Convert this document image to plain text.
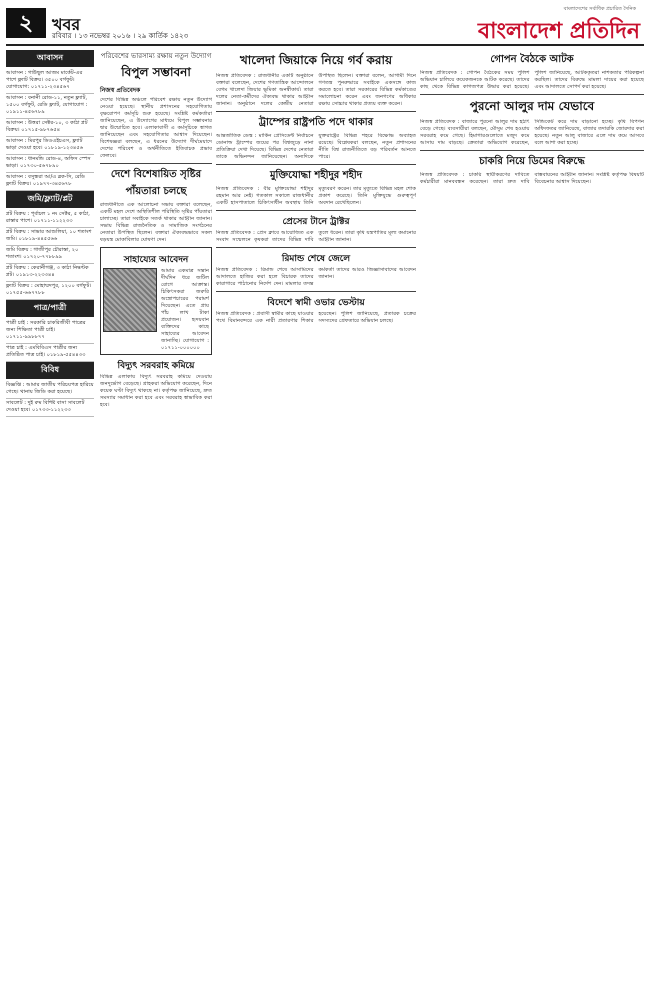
২	খবর
রবিবার । ১৩ নভেম্বর ২০১৬ । ২৯ কার্তিক ১৪২৩
বাংলাদেশের সর্বাধিক প্রচারিত দৈনিক
বাংলাদেশ প্রতিদিন
আবাসন
আবাসন : গাউছুল আজম মার্কেট-এর পাশে ফ্ল্যাট বিক্রয়। ৩৫০০ বর্গফুট। যোগাযোগ: ০১৭১১-২৩৪৫৬৭
আবাসন : বনানী রোড-১১, নতুন ফ্ল্যাট, ১৫০০ বর্গফুট, রেডি ফ্ল্যাট, যোগাযোগ : ০১৯১১-৪৫৬৭৮৯
আবাসন : উত্তরা সেক্টর-১০, ৩ কাঠা প্লট বিক্রয়। ০১৭১৫-৯৮৭৬৫৪
আবাসন : মিরপুর ডিওএইচএস, ফ্ল্যাট ভাড়া দেওয়া হবে। ০১৮১৯-১২৩৪৫৬
আবাসন : ধানমন্ডি রোড-৪, অফিস স্পেস ভাড়া। ০১৭৩০-৫৬৭৮৯০
আবাসন : বসুন্ধরা আ/এ ব্লক-সি, রেডি ফ্ল্যাট বিক্রয়। ০১৯৭৭-৩৪৫৬৭৮
জমি/ফ্ল্যাট/প্লট
প্লট বিক্রয় : পূর্বাচল ১ নং সেক্টর, ৫ কাঠা, রাস্তার পাশে। ০১৭১১-১১২২৩৩
প্লট বিক্রয় : সাভার আশুলিয়া, ১০ শতাংশ জমি। ০১৮১৯-৪৪৫৫৬৬
জমি বিক্রয় : গাজীপুর চৌরাস্তা, ২০ শতাংশ। ০১৭২০-৭৭৮৮৯৯
প্লট বিক্রয় : কেরানীগঞ্জ, ৩ কাঠা নিষ্কণ্টক প্লট। ০১৯১৩-২২৩৩৪৪
ফ্ল্যাট বিক্রয় : মোহাম্মদপুর, ১২০০ বর্গফুট। ০১৭৫৫-৬৬৭৭৮৮
পাত্র/পাত্রী
পাত্রী চাই : সরকারি চাকরিজীবী পাত্রের জন্য শিক্ষিতা পাত্রী চাই। ০১৭১১-৯৯৮৮৭৭
পাত্র চাই : এমবিবিএস পাত্রীর জন্য প্রতিষ্ঠিত পাত্র চাই। ০১৮১৯-৫৫৪৪৩৩
বিবিধ
বিজ্ঞপ্তি : আমার জাতীয় পরিচয়পত্র হারিয়ে গেছে। থানায় জিডি করা হয়েছে।
সাবলেট : দুই রুম বিশিষ্ট বাসা সাবলেট দেওয়া হবে। ০১৭৩৩-১১২২৩৩
পরিবেশের ভারসাম্য রক্ষায় নতুন উদ্যোগ
বিপুল সম্ভাবনা
নিজস্ব প্রতিবেদক

দেশের বিভিন্ন অঞ্চলে পরিবেশ রক্ষায় নতুন উদ্যোগ নেওয়া হয়েছে। স্থানীয় প্রশাসনের সহযোগিতায় বৃক্ষরোপণ কর্মসূচি শুরু হয়েছে। সংশ্লিষ্ট কর্মকর্তারা জানিয়েছেন, এ উদ্যোগের মাধ্যমে বিপুল সম্ভাবনার দ্বার উন্মোচিত হবে। এলাকাবাসী এ কর্মসূচিকে স্বাগত জানিয়েছেন এবং সহযোগিতার আশ্বাস দিয়েছেন। বিশেষজ্ঞরা বলছেন, এ ধরনের উদ্যোগ দীর্ঘমেয়াদে দেশের পরিবেশ ও অর্থনীতিতে ইতিবাচক প্রভাব ফেলবে।

দেশে বিশেষায়িত সৃষ্টির পাঁয়তারা চলছে

রাজধানীতে এক আলোচনা সভায় বক্তারা বলেছেন, একটি মহল দেশে অস্থিতিশীল পরিস্থিতি সৃষ্টির পাঁয়তারা চালাচ্ছে। তারা সবাইকে সতর্ক থাকার আহ্বান জানান। সভায় বিভিন্ন রাজনৈতিক ও সামাজিক সংগঠনের নেতারা উপস্থিত ছিলেন। বক্তারা ঐক্যবদ্ধভাবে সকল ষড়যন্ত্র মোকাবিলার ঘোষণা দেন।

সাহায্যের আবেদন

আমার একমাত্র সন্তান দীর্ঘদিন ধরে জটিল রোগে আক্রান্ত। চিকিৎসকরা জরুরি অস্ত্রোপচারের পরামর্শ দিয়েছেন। এতে প্রায় পাঁচ লাখ টাকা প্রয়োজন। হৃদয়বান ব্যক্তিদের কাছে সাহায্যের আবেদন জানাচ্ছি। যোগাযোগ : ০১৭১১-০০০০০০

বিদ্যুৎ সরবরাহ কমিয়ে

বিভিন্ন এলাকায় বিদ্যুৎ সরবরাহ কমিয়ে দেওয়ায় জনদুর্ভোগ বেড়েছে। গ্রাহকরা অভিযোগ করেছেন, দিনে কয়েক ঘণ্টা বিদ্যুৎ থাকছে না। কর্তৃপক্ষ জানিয়েছে, দ্রুত সমস্যার সমাধান করা হবে এবং সরবরাহ স্বাভাবিক করা হবে।

খালেদা জিয়াকে নিয়ে গর্ব করায়

নিজস্ব প্রতিবেদক : রাজধানীর একটি অনুষ্ঠানে বক্তারা বলেছেন, দেশের গণতান্ত্রিক আন্দোলনে বেগম খালেদা জিয়ার ভূমিকা অনস্বীকার্য। তারা দলের নেতা-কর্মীদের ঐক্যবদ্ধ থাকার আহ্বান জানান। অনুষ্ঠানে দলের কেন্দ্রীয় নেতারা উপস্থিত ছিলেন। বক্তারা বলেন, আগামী দিনে গণতন্ত্র পুনরুদ্ধারে সবাইকে একসঙ্গে কাজ করতে হবে। তারা সরকারের বিভিন্ন কর্মকাণ্ডের সমালোচনা করেন এবং জনগণের অধিকার রক্ষায় সোচ্চার থাকার প্রত্যয় ব্যক্ত করেন।

ট্রাম্পের রাষ্ট্রপতি পদে থাকার

আন্তর্জাতিক ডেস্ক : মার্কিন প্রেসিডেন্ট নির্বাচনে ডোনাল্ড ট্রাম্পের জয়ের পর বিশ্বজুড়ে নানা প্রতিক্রিয়া দেখা দিয়েছে। বিভিন্ন দেশের নেতারা তাকে অভিনন্দন জানিয়েছেন। অন্যদিকে যুক্তরাষ্ট্রের বিভিন্ন শহরে বিক্ষোভ অব্যাহত রয়েছে। বিশ্লেষকরা বলছেন, নতুন প্রশাসনের নীতি বিশ্ব রাজনীতিতে বড় পরিবর্তন আনতে পারে।

মুক্তিযোদ্ধা শহীদুর শহীদ

নিজস্ব প্রতিবেদক : বীর মুক্তিযোদ্ধা শহীদুর রহমান আর নেই। গতকাল সকালে রাজধানীর একটি হাসপাতালে চিকিৎসাধীন অবস্থায় তিনি মৃত্যুবরণ করেন। তার মৃত্যুতে বিভিন্ন মহল শোক প্রকাশ করেছে। তিনি মুক্তিযুদ্ধে গুরুত্বপূর্ণ অবদান রেখেছিলেন।

প্রেসের টানে ট্রাক্টর

নিজস্ব প্রতিবেদক : প্রেস ক্লাবে আয়োজিত এক সংবাদ সম্মেলনে কৃষকরা তাদের বিভিন্ন দাবি তুলে ধরেন। তারা কৃষি যন্ত্রপাতির মূল্য কমানোর আহ্বান জানান।

রিমান্ড শেষে জেলে

নিজস্ব প্রতিবেদক : রিমান্ড শেষে আসামিদের আদালতে হাজির করা হলে বিচারক তাদের কারাগারে পাঠানোর নির্দেশ দেন। মামলার তদন্ত কর্মকর্তা তাদের আরও জিজ্ঞাসাবাদের আবেদন জানান।

বিদেশে স্বামী ওভার ভেস্টায়

নিজস্ব প্রতিবেদক : প্রবাসী স্বামীর কাছে যাওয়ার পথে বিমানবন্দরে এক নারী প্রতারণার শিকার হয়েছেন। পুলিশ জানিয়েছে, প্রতারক চক্রের সদস্যদের গ্রেফতারে অভিযান চলছে।

গোপন বৈঠকে আটক

নিজস্ব প্রতিবেদক : গোপন বৈঠকের সময় পুলিশ অভিযান চালিয়ে কয়েকজনকে আটক করেছে। তাদের কাছ থেকে বিভিন্ন কাগজপত্র উদ্ধার করা হয়েছে। পুলিশ জানিয়েছে, আটককৃতরা নাশকতার পরিকল্পনা করছিল। তাদের বিরুদ্ধে মামলা দায়ের করা হয়েছে এবং আদালতে সোপর্দ করা হয়েছে।

পুরনো আলুর দাম যেভাবে

নিজস্ব প্রতিবেদক : বাজারে পুরনো আলুর দাম হঠাৎ বেড়ে গেছে। ব্যবসায়ীরা বলছেন, মৌসুম শেষ হওয়ায় সরবরাহ কমে গেছে। হিমাগারগুলোতে মজুদ কমে আসায় দাম বাড়ছে। ক্রেতারা অভিযোগ করেছেন, সিন্ডিকেট করে দাম বাড়ানো হচ্ছে। কৃষি বিপণন অধিদফতর জানিয়েছে, বাজার তদারকি জোরদার করা হয়েছে। নতুন আলু বাজারে এলে দাম কমে আসবে বলে আশা করা হচ্ছে।

চাকরি নিয়ে ডিমের বিরুদ্ধে

নিজস্ব প্রতিবেদক : চাকরি স্থায়ীকরণের দাবিতে কর্মচারীরা মানববন্ধন করেছেন। তারা দ্রুত দাবি বাস্তবায়নের আহ্বান জানান। সংশ্লিষ্ট কর্তৃপক্ষ বিষয়টি বিবেচনার আশ্বাস দিয়েছেন।
